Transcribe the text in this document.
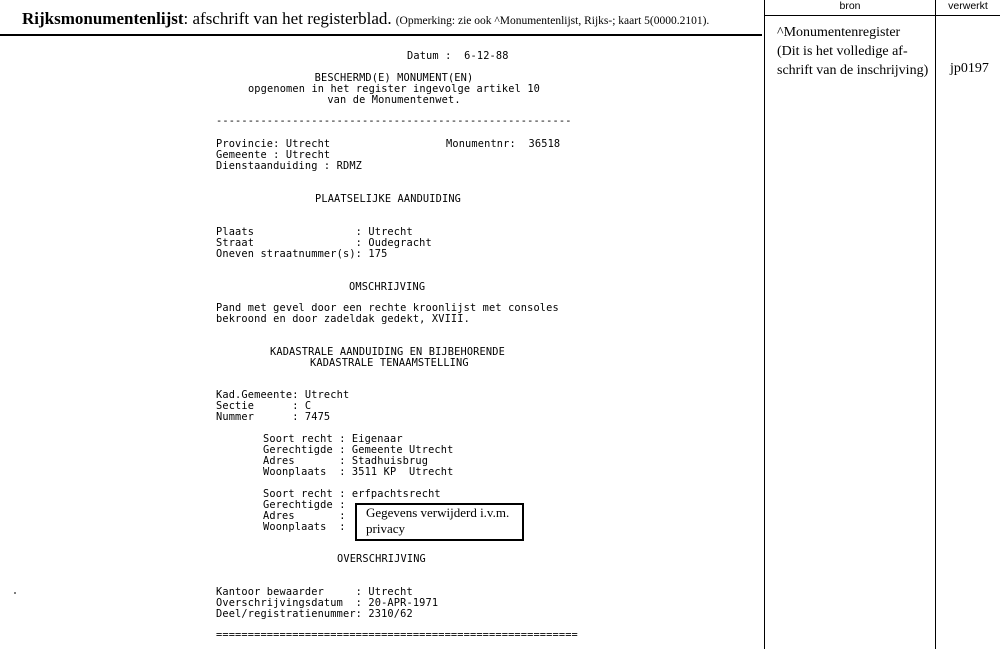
Rijksmonumentenlijst: afschrift van het registerblad. (Opmerking: zie ook ^Monumentenlijst, Rijks-; kaart 5(0000.2101).
bron	verwerkt
^Monumentenregister
(Dit is het volledige af-
schrift van de inschrijving) jp0197
Datum :  6-12-88
BESCHERMD(E) MONUMENT(EN)
opgenomen in het register ingevolge artikel 10
van de Monumentenwet.
--------------------------------------------------------
Provincie: Utrecht	Monumentnr:  36518
Gemeente : Utrecht
Dienstaanduiding : RDMZ
PLAATSELIJKE AANDUIDING
Plaats                : Utrecht
Straat                : Oudegracht
Oneven straatnummer(s): 175
OMSCHRIJVING
Pand met gevel door een rechte kroonlijst met consoles
bekroond en door zadeldak gedekt, XVIII.
KADASTRALE AANDUIDING EN BIJBEHORENDE
KADASTRALE TENAAMSTELLING
Kad.Gemeente: Utrecht
Sectie      : C
Nummer      : 7475
Soort recht : Eigenaar
Gerechtigde : Gemeente Utrecht
Adres       : Stadhuisbrug
Woonplaats  : 3511 KP  Utrecht
Soort recht : erfpachtsrecht
Gerechtigde :
Adres       :
Woonplaats  :
Gegevens verwijderd i.v.m. privacy
OVERSCHRIJVING
Kantoor bewaarder     : Utrecht
Overschrijvingsdatum  : 20-APR-1971
Deel/registratienummer: 2310/62
=========================================================
